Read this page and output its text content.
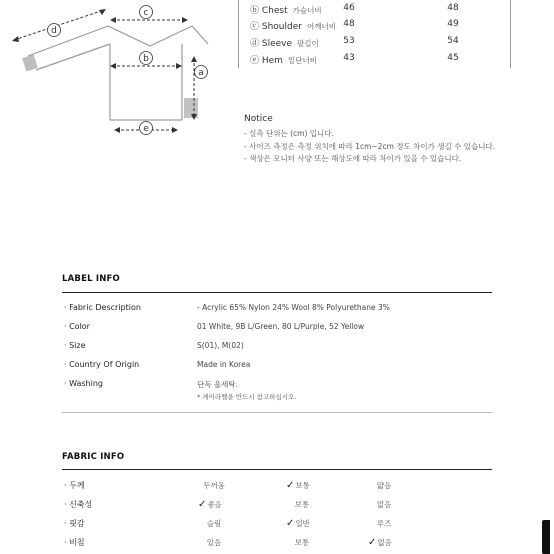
d
c
b
a
e
ⓑ Chest 가슴너비	46	48
ⓒ Shoulder 어깨너비 48	49
ⓓ Sleeve 팔길이	53	54
ⓔ Hem 밑단너비	43	45
Notice
- 실측 단위는 (cm) 입니다.
- 사이즈 측정은 측정 위치에 따라 1cm~2cm 정도 차이가 생길 수 있습니다.
- 색상은 모니터 사양 또는 해상도에 따라 차이가 있을 수 있습니다.
LABEL INFO
· Fabric Description	- Acrylic 65% Nylon 24% Wool 8% Polyurethane 3%
· Color	01 White, 9B L/Green, 80 L/Purple, 52 Yellow
· Size	S(01), M(02)
· Country Of Origin	Made in Korea
· Washing	단독 울세탁.
* 케어라벨을 반드시 참고하십시오.
FABRIC INFO
· 두께	두꺼움	✓보통	얇음
· 신축성	✓좋음	보통	없음
· 핏감	슬림	✓일반	루즈
· 비침	있음	보통	✓없음
